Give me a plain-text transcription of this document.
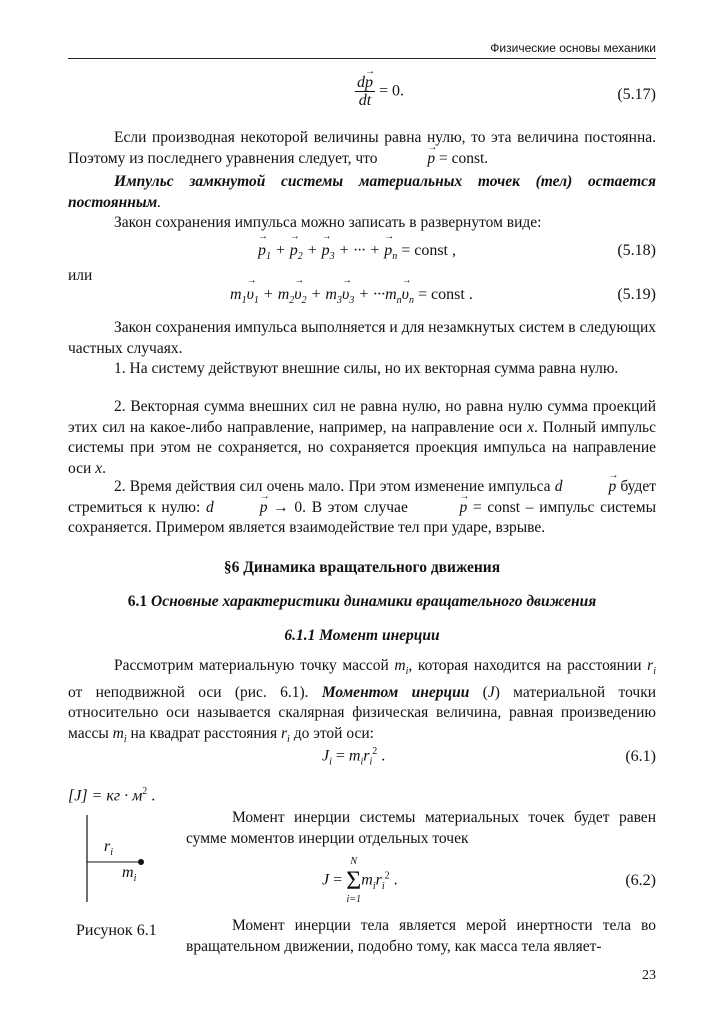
Физические основы механики
$\frac{d\to p}{dt} = 0$.	(5.17)
Если производная некоторой величины равна нулю, то эта величина постоянна. Поэтому из последнего уравнения следует, что	→ p = const.
Импульс замкнутой системы материальных точек (тел) остается постоянным.
Закон сохранения импульса можно записать в развернутом виде:
→ $p_1$ + → $p_2$ + → $p_3$ + ··· + → $p_n$ = const ,	(5.18)
или
$m_1\to \upsilon_1 + m_2\to \upsilon_2 + m_3\to \upsilon_3 + \cdot\cdot\cdot m_n\to \upsilon_n$ = const .	(5.19)
Закон сохранения импульса выполняется и для незамкнутых систем в следующих частных случаях.
1. На систему действуют внешние силы, но их векторная сумма равна нулю.
2. Векторная сумма внешних сил не равна нулю, но равна нулю сумма проекций этих сил на какое-либо направление, например, на направление оси x. Полный импульс системы при этом не сохраняется, но сохраняется проекция импульса на направление оси x.
2. Время действия сил очень мало. При этом изменение импульса d	→ p будет стремиться к нулю: d	→ p → 0. В этом случае	→ p = const – импульс системы сохраняется. Примером является взаимодействие тел при ударе, взрыве.
§6 Динамика вращательного движения
6.1 Основные характеристики динамики вращательного движения
6.1.1 Момент инерции
Рассмотрим материальную точку массой $m_i$, которая находится на расстоянии $r_i$ от неподвижной оси (рис. 6.1). Моментом инерции (J) материальной точки относительно оси называется скалярная физическая величина, равная произведению массы $m_i$ на квадрат расстояния $r_i$ до этой оси:
$J_i = m_ir_i^2$ .	(6.1)
[J] = кг · $м^2$ .
Момент инерции системы материальных точек будет равен сумме моментов инерции отдельных точек
J =
N
Σ
i=1
$m_ir_i^2$ .	(6.2)
$r_i$
$m_i$
Рисунок 6.1	Момент инерции тела является мерой инертности тела во вращательном движении, подобно тому, как масса тела являет-
23
